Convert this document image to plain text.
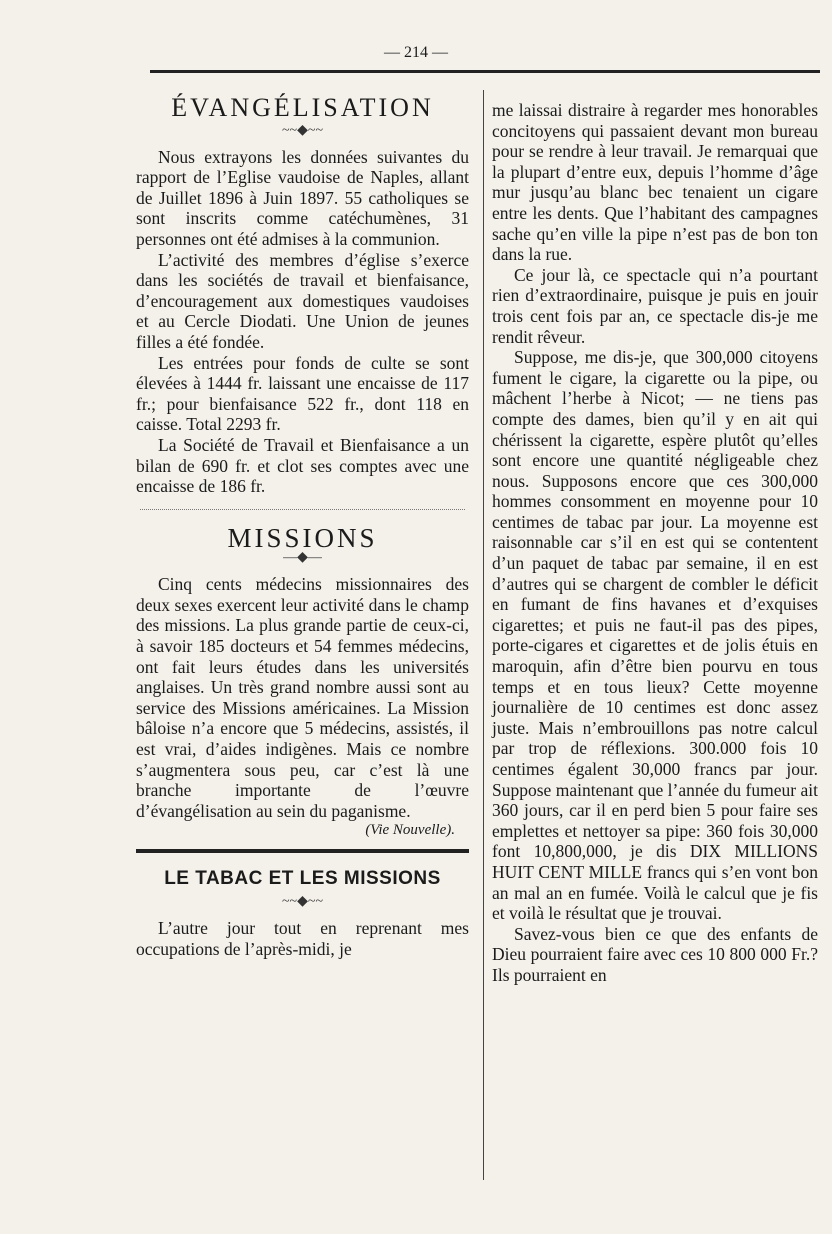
— 214 —
ÉVANGÉLISATION
~~◆~~

Nous extrayons les données suivantes du rapport de l’Eglise vaudoise de Naples, allant de Juillet 1896 à Juin 1897. 55 catholiques se sont inscrits comme catéchumènes, 31 personnes ont été admises à la communion.

L’activité des membres d’église s’exerce dans les sociétés de travail et bienfaisance, d’encouragement aux domestiques vaudoises et au Cercle Diodati. Une Union de jeunes filles a été fondée.

Les entrées pour fonds de culte se sont élevées à 1444 fr. laissant une encaisse de 117 fr.; pour bienfaisance 522 fr., dont 118 en caisse. Total 2293 fr.

La Société de Travail et Bienfaisance a un bilan de 690 fr. et clot ses comptes avec une encaisse de 186 fr.

MISSIONS
—◆—

Cinq cents médecins missionnaires des deux sexes exercent leur activité dans le champ des missions. La plus grande partie de ceux-ci, à savoir 185 docteurs et 54 femmes médecins, ont fait leurs études dans les universités anglaises. Un très grand nombre aussi sont au service des Missions américaines. La Mission bâloise n’a encore que 5 médecins, assistés, il est vrai, d’aides indigènes. Mais ce nombre s’augmentera sous peu, car c’est là une branche importante de l’œuvre d’évangélisation au sein du paganisme.

(Vie Nouvelle).
LE TABAC ET LES MISSIONS
~~◆~~

L’autre jour tout en reprenant mes occupations de l’après-midi, je

me laissai distraire à regarder mes honorables concitoyens qui passaient devant mon bureau pour se rendre à leur travail. Je remarquai que la plupart d’entre eux, depuis l’homme d’âge mur jusqu’au blanc bec tenaient un cigare entre les dents. Que l’habitant des campagnes sache qu’en ville la pipe n’est pas de bon ton dans la rue.

Ce jour là, ce spectacle qui n’a pourtant rien d’extraordinaire, puisque je puis en jouir trois cent fois par an, ce spectacle dis-je me rendit rêveur.

Suppose, me dis-je, que 300,000 citoyens fument le cigare, la cigarette ou la pipe, ou mâchent l’herbe à Nicot; — ne tiens pas compte des dames, bien qu’il y en ait qui chérissent la cigarette, espère plutôt qu’elles sont encore une quantité négligeable chez nous. Supposons encore que ces 300,000 hommes consomment en moyenne pour 10 centimes de tabac par jour. La moyenne est raisonnable car s’il en est qui se contentent d’un paquet de tabac par semaine, il en est d’autres qui se chargent de combler le déficit en fumant de fins havanes et d’exquises cigarettes; et puis ne faut-il pas des pipes, porte-cigares et cigarettes et de jolis étuis en maroquin, afin d’être bien pourvu en tous temps et en tous lieux? Cette moyenne journalière de 10 centimes est donc assez juste. Mais n’embrouillons pas notre calcul par trop de réflexions. 300.000 fois 10 centimes égalent 30,000 francs par jour. Suppose maintenant que l’année du fumeur ait 360 jours, car il en perd bien 5 pour faire ses emplettes et nettoyer sa pipe: 360 fois 30,000 font 10,800,000, je dis DIX MILLIONS HUIT CENT MILLE francs qui s’en vont bon an mal an en fumée. Voilà le calcul que je fis et voilà le résultat que je trouvai.

Savez-vous bien ce que des enfants de Dieu pourraient faire avec ces 10 800 000 Fr.? Ils pourraient en
